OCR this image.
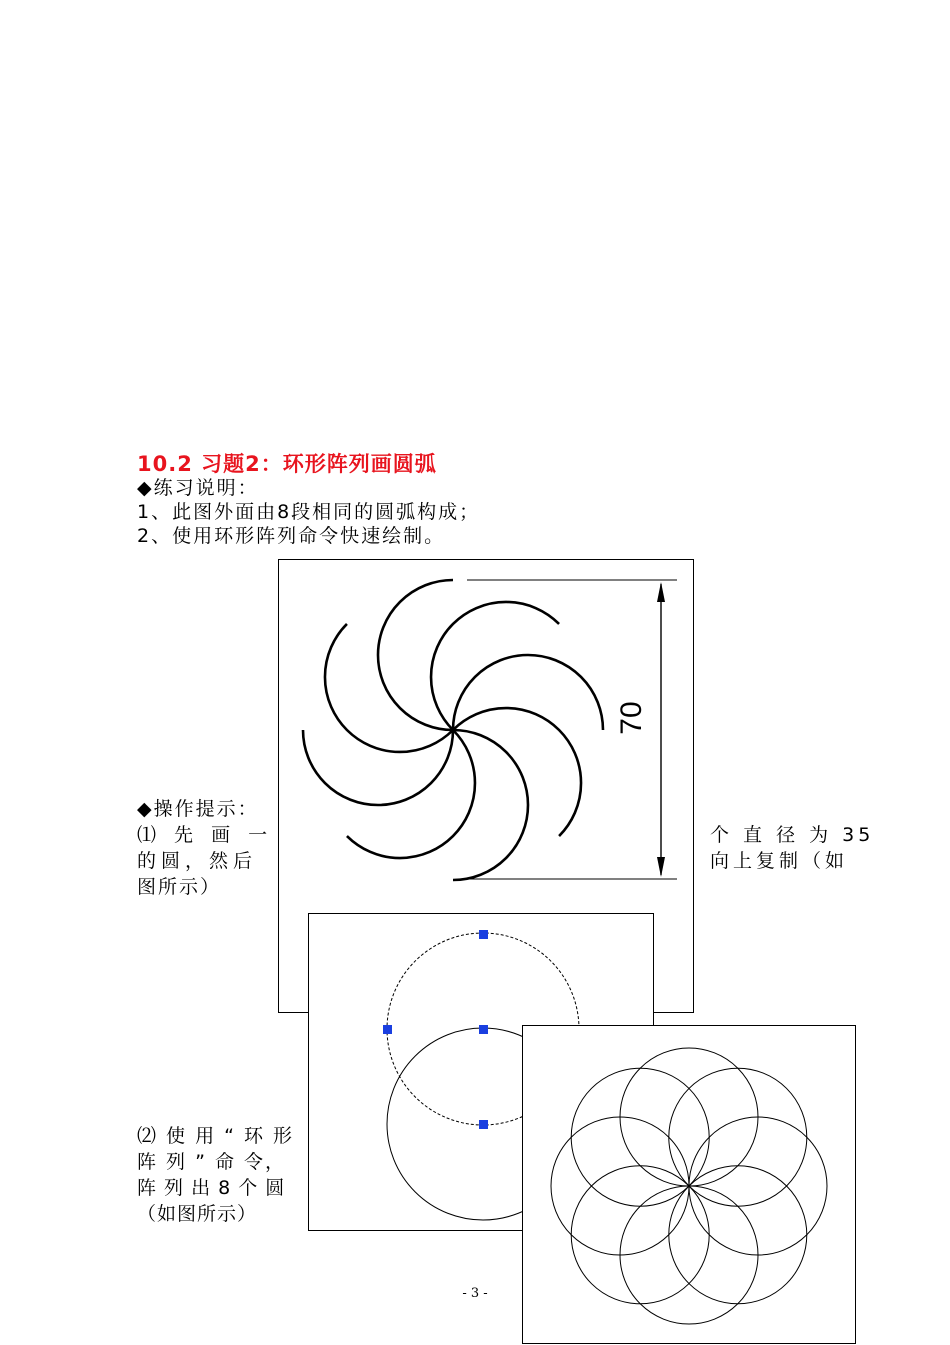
10.2 习题2：环形阵列画圆弧
◆练习说明：
1、此图外面由8段相同的圆弧构成；
2、使用环形阵列命令快速绘制。
70
◆操作提示：
⑴ 先 画 一
的圆，然后
图所示）
个 直 径 为 35
向上复制（如
⑵ 使 用 “ 环 形
阵 列 ” 命 令，
阵 列 出 8 个 圆
（如图所示）
- 3 -
